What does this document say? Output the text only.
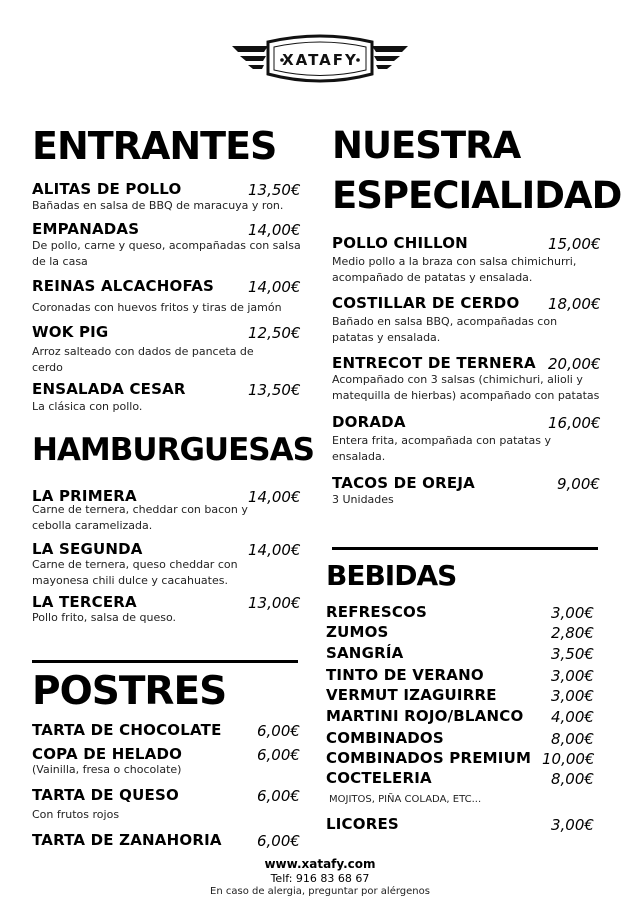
XATAFY
ENTRANTES
ALITAS DE POLLO	13,50€
Bañadas en salsa de BBQ de maracuya y ron.
EMPANADAS	14,00€
De pollo, carne y queso, acompañadas con salsa de la casa
REINAS ALCACHOFAS 14,00€
Coronadas con huevos fritos y tiras de jamón
WOK PIG	12,50€
Arroz salteado con dados de panceta de cerdo
ENSALADA CESAR	13,50€
La clásica con pollo.
HAMBURGUESAS
LA PRIMERA	14,00€
Carne de ternera, cheddar con bacon y cebolla caramelizada.
LA SEGUNDA	14,00€
Carne de ternera, queso cheddar con mayonesa chili dulce y cacahuates.
LA TERCERA	13,00€
Pollo frito, salsa de queso.
POSTRES
TARTA DE CHOCOLATE 6,00€
COPA DE HELADO	6,00€
(Vainilla, fresa o chocolate)
TARTA DE QUESO	6,00€
Con frutos rojos
TARTA DE ZANAHORIA 6,00€
NUESTRA
ESPECIALIDAD
POLLO CHILLON	15,00€
Medio pollo a la braza con salsa chimichurri, acompañado de patatas y ensalada.
COSTILLAR DE CERDO 18,00€
Bañado en salsa BBQ, acompañadas con patatas y ensalada.
ENTRECOT DE TERNERA 20,00€
Acompañado con 3 salsas (chimichuri, alioli y matequilla de hierbas) acompañado con patatas
DORADA	16,00€
Entera frita, acompañada con patatas y ensalada.
TACOS DE OREJA	9,00€
3 Unidades
BEBIDAS
REFRESCOS	3,00€
ZUMOS	2,80€
SANGRÍA	3,50€
TINTO DE VERANO	3,00€
VERMUT IZAGUIRRE	3,00€
MARTINI ROJO/BLANCO 4,00€
COMBINADOS	8,00€
COMBINADOS PREMIUM 10,00€
COCTELERIA	8,00€
MOJITOS, PIÑA COLADA, ETC...
LICORES	3,00€
www.xatafy.com
Telf: 916 83 68 67
En caso de alergia, preguntar por alérgenos
